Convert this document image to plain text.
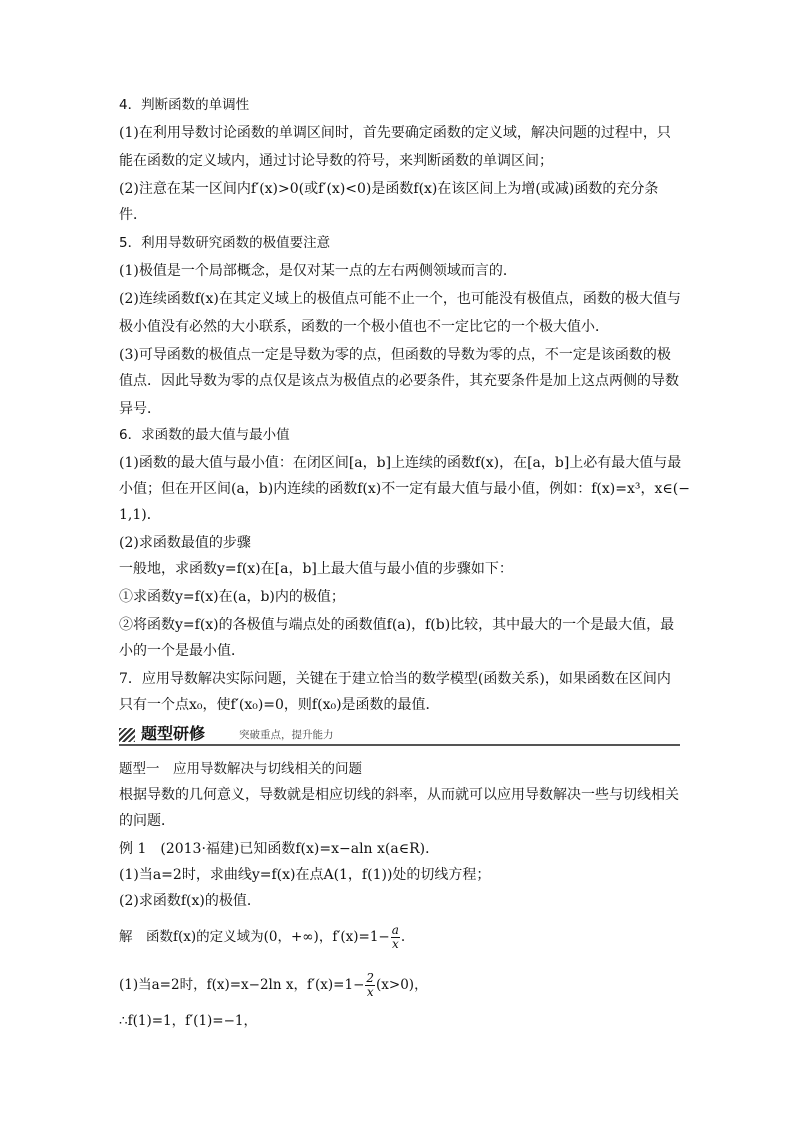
4．判断函数的单调性
(1)在利用导数讨论函数的单调区间时，首先要确定函数的定义域，解决问题的过程中，只
能在函数的定义域内，通过讨论导数的符号，来判断函数的单调区间；
(2)注意在某一区间内f′(x)>0(或f′(x)<0)是函数f(x)在该区间上为增(或减)函数的充分条
件．
5．利用导数研究函数的极值要注意
(1)极值是一个局部概念，是仅对某一点的左右两侧领域而言的．
(2)连续函数f(x)在其定义域上的极值点可能不止一个，也可能没有极值点，函数的极大值与
极小值没有必然的大小联系，函数的一个极小值也不一定比它的一个极大值小．
(3)可导函数的极值点一定是导数为零的点，但函数的导数为零的点，不一定是该函数的极
值点．因此导数为零的点仅是该点为极值点的必要条件，其充要条件是加上这点两侧的导数
异号．
6．求函数的最大值与最小值
(1)函数的最大值与最小值：在闭区间[a，b]上连续的函数f(x)，在[a，b]上必有最大值与最
小值；但在开区间(a，b)内连续的函数f(x)不一定有最大值与最小值，例如：f(x)=x³，x∈(−
1,1)．
(2)求函数最值的步骤
一般地，求函数y=f(x)在[a，b]上最大值与最小值的步骤如下：
①求函数y=f(x)在(a，b)内的极值；
②将函数y=f(x)的各极值与端点处的函数值f(a)，f(b)比较，其中最大的一个是最大值，最
小的一个是最小值．
7．应用导数解决实际问题，关键在于建立恰当的数学模型(函数关系)，如果函数在区间内
只有一个点x₀，使f′(x₀)=0，则f(x₀)是函数的最值．
题型研修	突破重点，提升能力
题型一　应用导数解决与切线相关的问题
根据导数的几何意义，导数就是相应切线的斜率，从而就可以应用导数解决一些与切线相关
的问题．
例 1　(2013·福建)已知函数f(x)=x−aln x(a∈R)．
(1)当a=2时，求曲线y=f(x)在点A(1，f(1))处的切线方程；
(2)求函数f(x)的极值．
解　函数f(x)的定义域为(0，+∞)，$f'(x)=1- \frac{a}{x}$ .
(1)当a=2时，f(x)=x−2ln x，$f'(x)=1- \frac{2}{x} (x>0)$，
∴f(1)=1，f′(1)=−1，
